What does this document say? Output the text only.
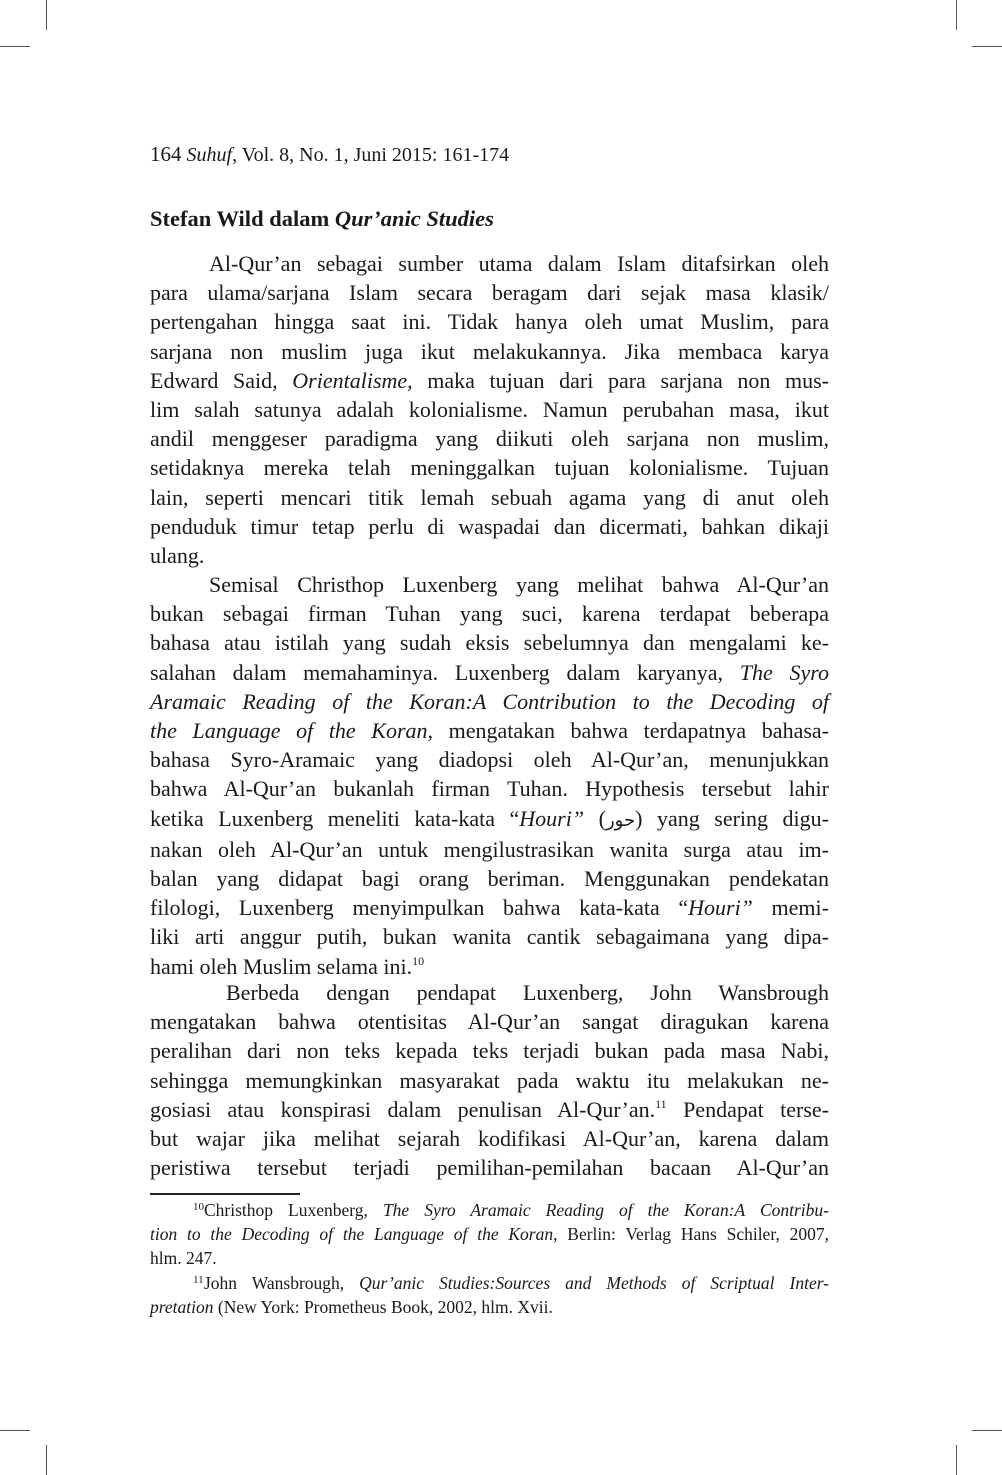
164 Suhuf, Vol. 8, No. 1, Juni 2015: 161-174
Stefan Wild dalam Qur’anic Studies
Al-Qur’an sebagai sumber utama dalam Islam ditafsirkan oleh
para ulama/sarjana Islam secara beragam dari sejak masa klasik/
pertengahan hingga saat ini. Tidak hanya oleh umat Muslim, para
sarjana non muslim juga ikut melakukannya. Jika membaca karya
Edward Said, Orientalisme, maka tujuan dari para sarjana non mus-
lim salah satunya adalah kolonialisme. Namun perubahan masa, ikut
andil menggeser paradigma yang diikuti oleh sarjana non muslim,
setidaknya mereka telah meninggalkan tujuan kolonialisme. Tujuan
lain, seperti mencari titik lemah sebuah agama yang di anut oleh
penduduk timur tetap perlu di waspadai dan dicermati, bahkan dikaji
ulang.
Semisal Christhop Luxenberg yang melihat bahwa Al-Qur’an
bukan sebagai firman Tuhan yang suci, karena terdapat beberapa
bahasa atau istilah yang sudah eksis sebelumnya dan mengalami ke-
salahan dalam memahaminya. Luxenberg dalam karyanya, The Syro
Aramaic Reading of the Koran:A Contribution to the Decoding of
the Language of the Koran, mengatakan bahwa terdapatnya bahasa-
bahasa Syro-Aramaic yang diadopsi oleh Al-Qur’an, menunjukkan
bahwa Al-Qur’an bukanlah firman Tuhan. Hypothesis tersebut lahir
ketika Luxenberg meneliti kata-kata “Houri” (حور) yang sering digu-
nakan oleh Al-Qur’an untuk mengilustrasikan wanita surga atau im-
balan yang didapat bagi orang beriman. Menggunakan pendekatan
filologi, Luxenberg menyimpulkan bahwa kata-kata “Houri” memi-
liki arti anggur putih, bukan wanita cantik sebagaimana yang dipa-
hami oleh Muslim selama ini.$^{10}$
Berbeda dengan pendapat Luxenberg, John Wansbrough
mengatakan bahwa otentisitas Al-Qur’an sangat diragukan karena
peralihan dari non teks kepada teks terjadi bukan pada masa Nabi,
sehingga memungkinkan masyarakat pada waktu itu melakukan ne-
gosiasi atau konspirasi dalam penulisan Al-Qur’an.$^{11}$ Pendapat terse-
but wajar jika melihat sejarah kodifikasi Al-Qur’an, karena dalam
peristiwa tersebut terjadi pemilihan-pemilahan bacaan Al-Qur’an
10Christhop Luxenberg, The Syro Aramaic Reading of the Koran:A Contribu-
tion to the Decoding of the Language of the Koran, Berlin: Verlag Hans Schiler, 2007,
hlm. 247.
11John Wansbrough, Qur’anic Studies:Sources and Methods of Scriptual Inter-
pretation (New York: Prometheus Book, 2002, hlm. Xvii.
